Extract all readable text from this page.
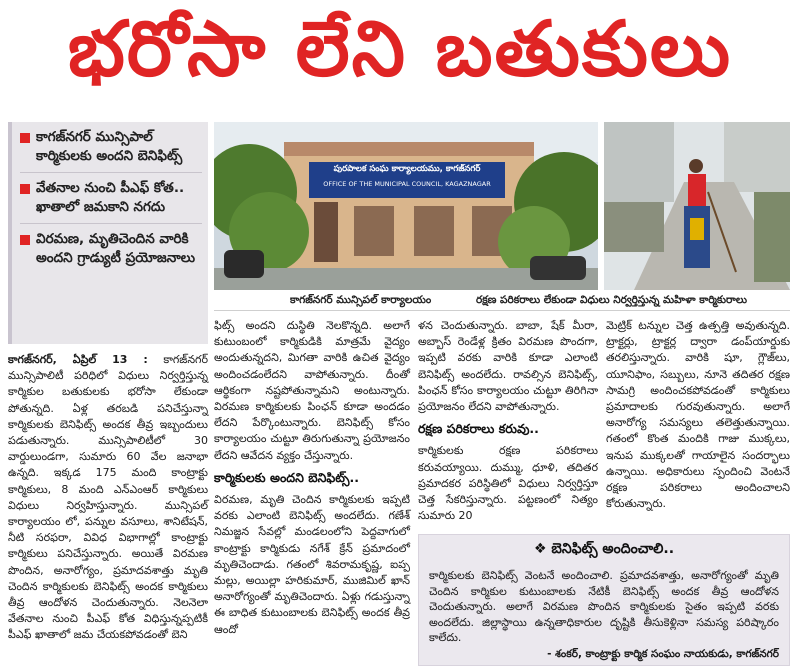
భరోసా లేని బతుకులు
కాగజ్‌నగర్ మున్సిపాల్ కార్మికులకు అందని బెనిఫిట్స్
వేతనాల నుంచి పీఎఫ్ కోత.. ఖాతాలో జమకాని నగదు
విరమణ, మృతిచెందిన వారికి అందని గ్రాడ్యుటీ ప్రయోజనాలు
పురపాలక సంఘ కార్యాలయము, కాగజ్‌నగర్
OFFICE OF THE MUNICIPAL COUNCIL, KAGAZNAGAR
కాగజ్‌నగర్ మున్సిపల్ కార్యాలయం	రక్షణ పరికరాలు లేకుండా విధులు నిర్వర్తిస్తున్న మహిళా కార్మికురాలు

కాగజ్‌నగర్, ఏప్రిల్ 13 : కాగజ్‌నగర్ మున్సిపాలిటీ పరిధిలో విధులు నిర్వర్తిస్తున్న కార్మికుల బతుకులకు భరోసా లేకుండా పోతున్నది. ఏళ్ల తరబడి పనిచేస్తున్నా కార్మికులకు బెనిఫిట్స్ అందక తీవ్ర ఇబ్బందులు పడుతున్నారు. మున్సిపాలిటీలో 30 వార్డులుండగా, సుమారు 60 వేల జనాభా ఉన్నది. ఇక్కడ 175 మంది కాంట్రాక్టు కార్మికులు, 8 మంది ఎన్ఎంఆర్ కార్మికులు విధులు నిర్వహిస్తున్నారు. మున్సిపల్ కార్యాలయం లో, పన్నుల వసూలు, శానిటేషన్, నీటి సరఫరా, వివిధ విభాగాల్లో కాంట్రాక్టు కార్మికులు పనిచేస్తున్నారు. అయితే విరమణ పొందిన, అనారోగ్యం, ప్రమాదవశాత్తు మృతి చెందిన కార్మికులకు బెనిఫిట్స్ అందక కార్మికులు తీవ్ర ఆందోళన చెందుతున్నారు. నెలనెలా వేతనాల నుంచి పీఎఫ్ కోత విధిస్తున్నప్పటికీ పీఎఫ్ ఖాతాలో జమ చేయకపోవడంతో బెని

ఫిట్స్ అందని దుస్థితి నెలకొన్నది. అలాగే కుటుంబంలో కార్మికుడికి మాత్రమే వైద్యం అందుతున్నదని, మిగతా వారికి ఉచిత వైద్యం అందించడంలేదని వాపోతున్నారు. దీంతో ఆర్థికంగా నష్టపోతున్నామని అంటున్నారు. విరమణ కార్మికులకు పింఛన్ కూడా అందడం లేదని పేర్కొంటున్నారు. బెనిఫిట్స్ కోసం కార్యాలయం చుట్టూ తిరుగుతున్నా ప్రయోజనం లేదని ఆవేదన వ్యక్తం చేస్తున్నారు.

కార్మికులకు అందని బెనిఫిట్స్..

విరమణ, మృతి చెందిన కార్మికులకు ఇప్పటి వరకు ఎలాంటి బెనిఫిట్స్ అందలేదు. గణేశ్ నిమజ్జన సేవల్లో మండలంలోని పెద్దవాగులో కాంట్రాక్టు కార్మికుడు నగేశ్ క్రేన్ ప్రమాదంలో మృతిచెందాడు. గతంలో శివరామకృష్ణ, ఐప్ప మల్లు, అయిల్లా హరికుమార్, ముజిమిల్ ఖాన్ అనారోగ్యంతో మృతిచెందారు. ఏళ్లు గడుస్తున్నా ఈ బాధిత కుటుంబాలకు బెనిఫిట్స్ అందక తీవ్ర ఆందో

ళన చెందుతున్నారు. బాబా, షేక్ మీరా, అబ్బాస్ రెండేళ్ల క్రితం విరమణ పొందగా, ఇప్పటి వరకు వారికి కూడా ఎలాంటి బెనిఫిట్స్ అందలేదు. రావల్సిన బెనిఫిట్స్, పింఛన్ కోసం కార్యాలయం చుట్టూ తిరిగినా ప్రయోజనం లేదని వాపోతున్నారు.

రక్షణ పరికరాలు కరువు..

కార్మికులకు రక్షణ పరికరాలు కరువయ్యాయి. దుమ్ము, ధూళి, తదితర ప్రమాదకర పరిస్థితిలో విధులు నిర్వర్తిస్తూ చెత్త సేకరిస్తున్నారు. పట్టణంలో నిత్యం సుమారు 20

మెట్రిక్ టన్నుల చెత్త ఉత్పత్తి అవుతున్నది. ట్రాక్టర్లు, ట్రాక్టర్ల ద్వారా డంప్‌యార్డుకు తరలిస్తున్నారు. వారికి షూ, గ్లౌజ్‌లు, యూనిఫాం, సబ్బులు, నూనె తదితర రక్షణ సామగ్రి అందించకపోవడంతో కార్మికులు ప్రమాదాలకు గురవుతున్నారు. అలాగే అనారోగ్య సమస్యలు తలెత్తుతున్నాయి. గతంలో కొంత మందికి గాజు ముక్కలు, ఇనుప ముక్కలతో గాయాలైన సందర్భాలు ఉన్నాయి. అధికారులు స్పందించి వెంటనే రక్షణ పరికరాలు అందించాలని కోరుతున్నారు.

❖ బెనిఫిట్స్ అందించాలి..
కార్మికులకు బెనిఫిట్స్ వెంటనే అందించాలి. ప్రమాదవశాత్తు, అనారోగ్యంతో మృతి చెందిన కార్మికుల కుటుంబాలకు నేటికీ బెనిఫిట్స్ అందక తీవ్ర ఆందోళన చెందుతున్నారు. అలాగే విరమణ పొందిన కార్మికులకు సైతం ఇప్పటి వరకు అందలేదు. జిల్లాస్థాయి ఉన్నతాధికారుల దృష్టికి తీసుకెళ్లినా సమస్య పరిష్కారం కాలేదు.
- శంకర్, కాంట్రాక్టు కార్మిక సంఘం నాయకుడు, కాగజ్‌నగర్
